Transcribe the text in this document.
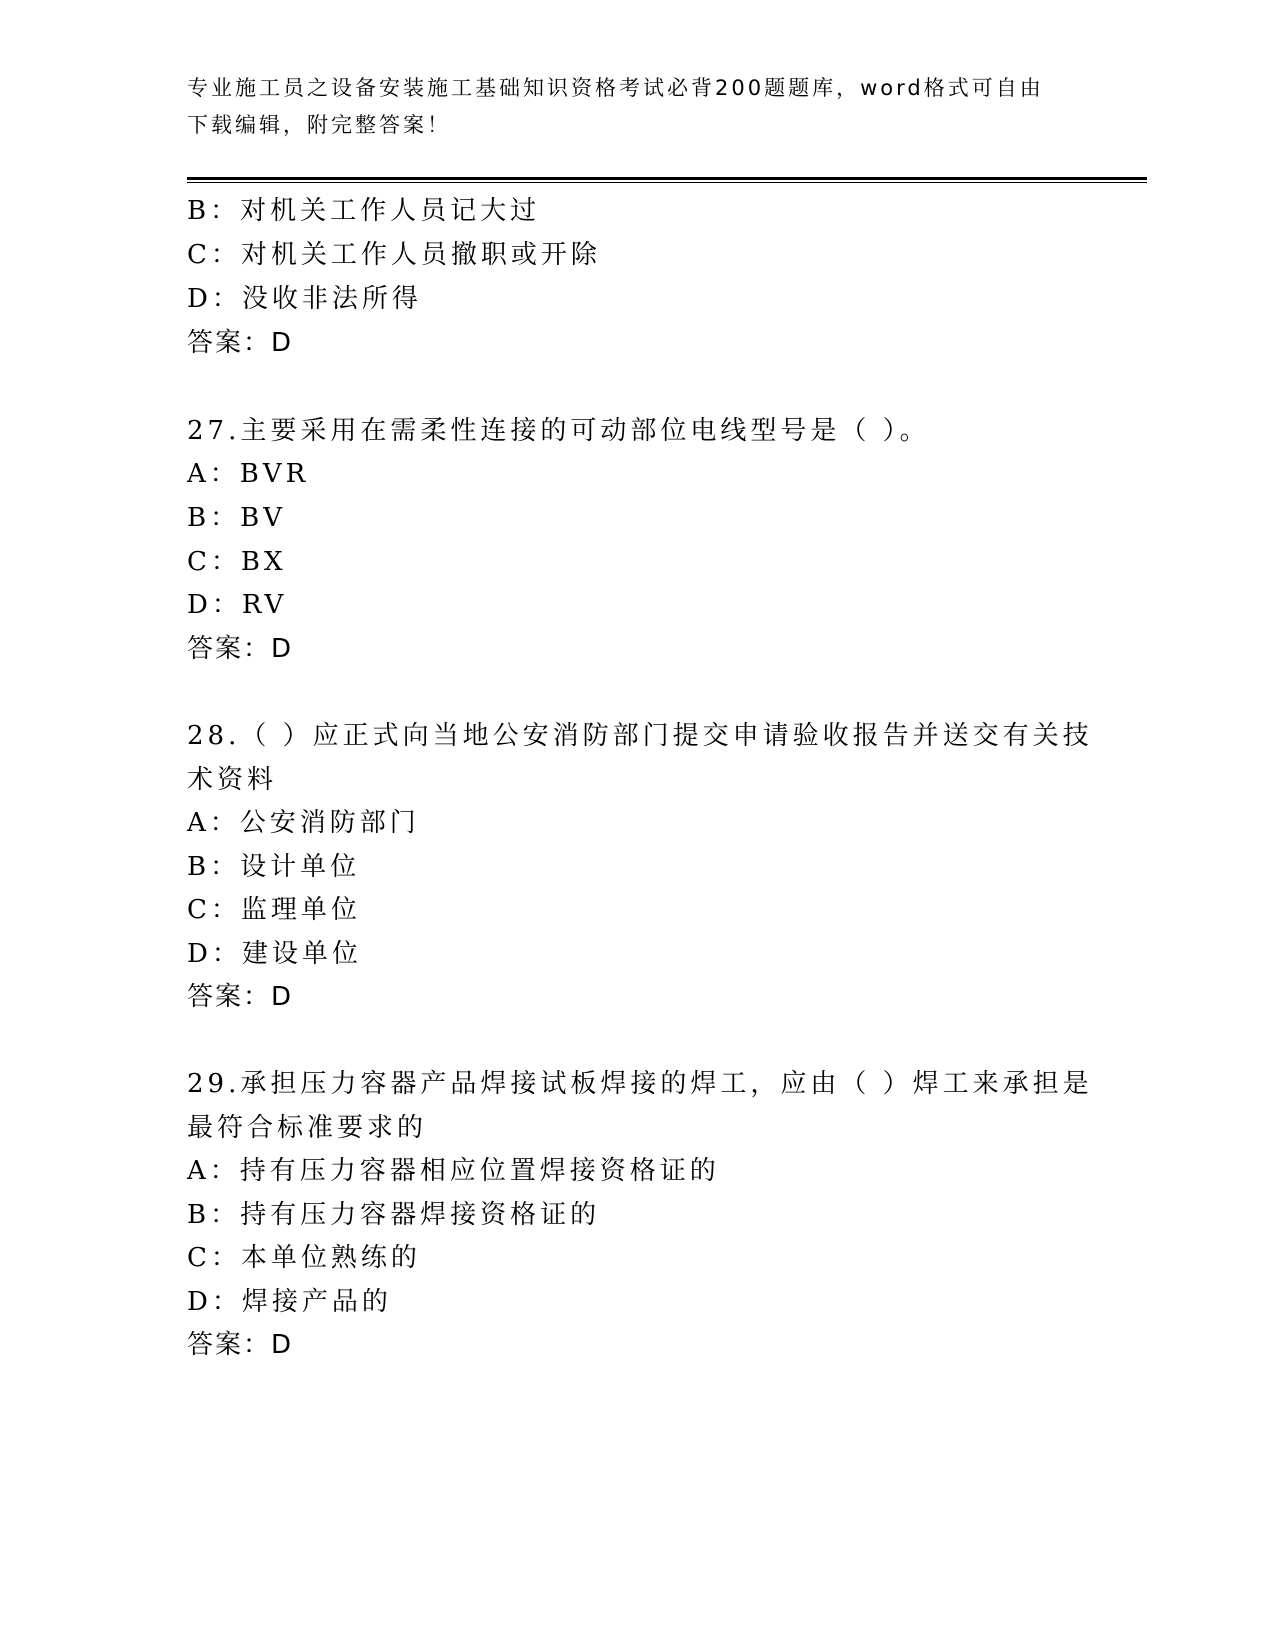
专业施工员之设备安装施工基础知识资格考试必背200题题库，word格式可自由
下载编辑，附完整答案！
B：对机关工作人员记大过
C：对机关工作人员撤职或开除
D：没收非法所得
答案：D
27.主要采用在需柔性连接的可动部位电线型号是（ ）。
A：BVR
B：BV
C：BX
D：RV
答案：D
28.（ ）应正式向当地公安消防部门提交申请验收报告并送交有关技
术资料
A：公安消防部门
B：设计单位
C：监理单位
D：建设单位
答案：D
29.承担压力容器产品焊接试板焊接的焊工，应由（ ）焊工来承担是
最符合标准要求的
A：持有压力容器相应位置焊接资格证的
B：持有压力容器焊接资格证的
C：本单位熟练的
D：焊接产品的
答案：D
